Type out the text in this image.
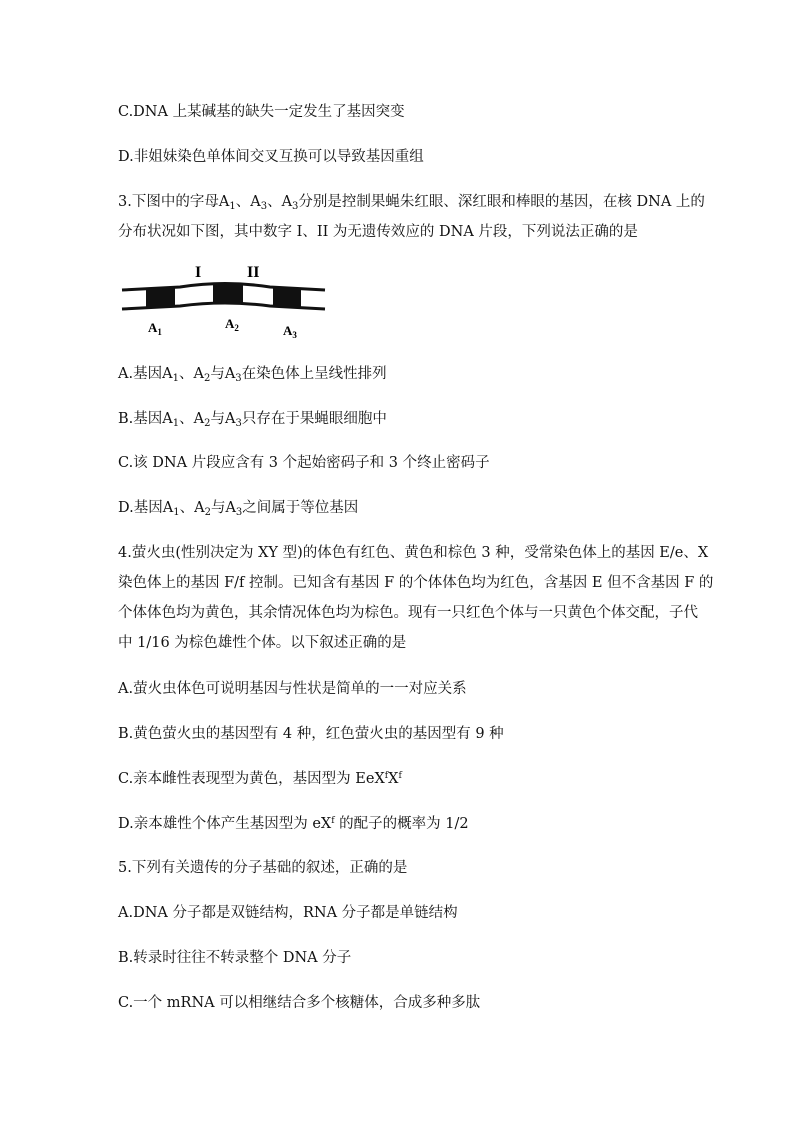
C.DNA 上某碱基的缺失一定发生了基因突变
D.非姐妹染色单体间交叉互换可以导致基因重组
3.下图中的字母$A_1$、$A_3$、$A_3$分别是控制果蝇朱红眼、深红眼和棒眼的基因，在核 DNA 上的
分布状况如下图，其中数字 I、II 为无遗传效应的 DNA 片段，下列说法正确的是
I	II
$A_1$
$A_2$	$A_3$
A.基因$A_1$、$A_2$与$A_3$在染色体上呈线性排列
B.基因$A_1$、$A_2$与$A_3$只存在于果蝇眼细胞中
C.该 DNA 片段应含有 3 个起始密码子和 3 个终止密码子
D.基因$A_1$、$A_2$与$A_3$之间属于等位基因
4.萤火虫(性别决定为 XY 型)的体色有红色、黄色和棕色 3 种，受常染色体上的基因 E/e、X
染色体上的基因 F/f 控制。已知含有基因 F 的个体体色均为红色，含基因 E 但不含基因 F 的
个体体色均为黄色，其余情况体色均为棕色。现有一只红色个体与一只黄色个体交配，子代
中 1/16 为棕色雄性个体。以下叙述正确的是
A.萤火虫体色可说明基因与性状是简单的一一对应关系
B.黄色萤火虫的基因型有 4 种，红色萤火虫的基因型有 9 种
C.亲本雌性表现型为黄色，基因型为 $EeX^fX^f$
D.亲本雄性个体产生基因型为 $eX^f$ 的配子的概率为 1/2
5.下列有关遗传的分子基础的叙述，正确的是
A.DNA 分子都是双链结构，RNA 分子都是单链结构
B.转录时往往不转录整个 DNA 分子
C.一个 mRNA 可以相继结合多个核糖体，合成多种多肽
